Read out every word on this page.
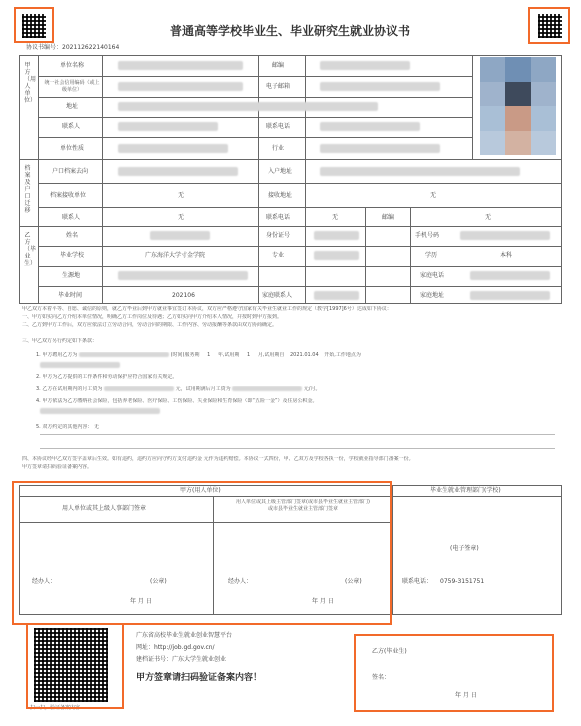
普通高等学校毕业生、毕业研究生就业协议书
协议书编号：202112622140164
甲方（用人单位）
档案及户口迁移
乙方（毕业生）
单位名称	邮编
统一社会信用编码（或上级单位）	电子邮箱
地址
联系人	联系电话
单位性质	行业
户口档案去向	入户地址
档案接收单位	无	接收地址	无
联系人	无	联系电话	无	邮编	无
姓名	身份证号	手机号码
毕业学校	广东海洋大学寸金学院	专业	学历	本科
生源地	家庭电话
毕业时间	202106	家庭联系人	家庭地址
甲乙双方本着平等、自愿、诚信的原则，就乙方毕业后到甲方就业事宜签订本协议，双方应严格遵守国家有关毕业生就业工作的规定（教学[1997]6号）达成如下协议：
一、甲方如实向乙方介绍本单位情况，明确乙方工作岗位及待遇；乙方如实向甲方介绍本人情况，并按时到甲方报到。
二、乙方到甲方工作后，双方应依法订立劳动合同，劳动合同的期限、工作内容、劳动报酬等条款由双方协商确定。
三、甲乙双方另行约定如下条款：
1. 甲方聘用乙方为	(时间)服务期 1 年,试用期 1 月,试用期自 2021.01.04 开始,工作地点为
2. 甲方为乙方提供的工作条件和劳动保护应符合国家有关规定。
3. 乙方在试用期内的月工资为	元，试用期满后月工资为	元/月。
4. 甲方依法为乙方缴纳社会保险，包括养老保险、医疗保险、工伤保险、失业保险和生育保险（即“五险一金”）及住房公积金。
5. 双方约定的其他内容： 无
四、本协议经甲乙双方签字盖章后生效。如有违约，违约方应向守约方支付违约金 元作为违约赔偿。本协议一式四份，甲、乙双方及学校各执一份，学校就业指导部门备案一份。
甲方签章请扫码验证备案内容。
甲方(用人单位)	毕业生就业管理部门(学校)
用人单位或其上级人事部门签章
用人单位或其上级主管部门签章(或市县毕业生就业主管部门)
或市县毕业生就业主管部门签章
经办人：	(公章)
年 月 日
经办人：	(公章)
年 月 日
(电子签章)
联系电话： 0759-3151751
扫一扫，验证备案内容
广东省高校毕业生就业创业智慧平台
网址：http://job.gd.gov.cn/
建档证书号：广东大学生就业创业
甲方签章请扫码验证备案内容！
乙方(毕业生)
签名：
年 月 日
